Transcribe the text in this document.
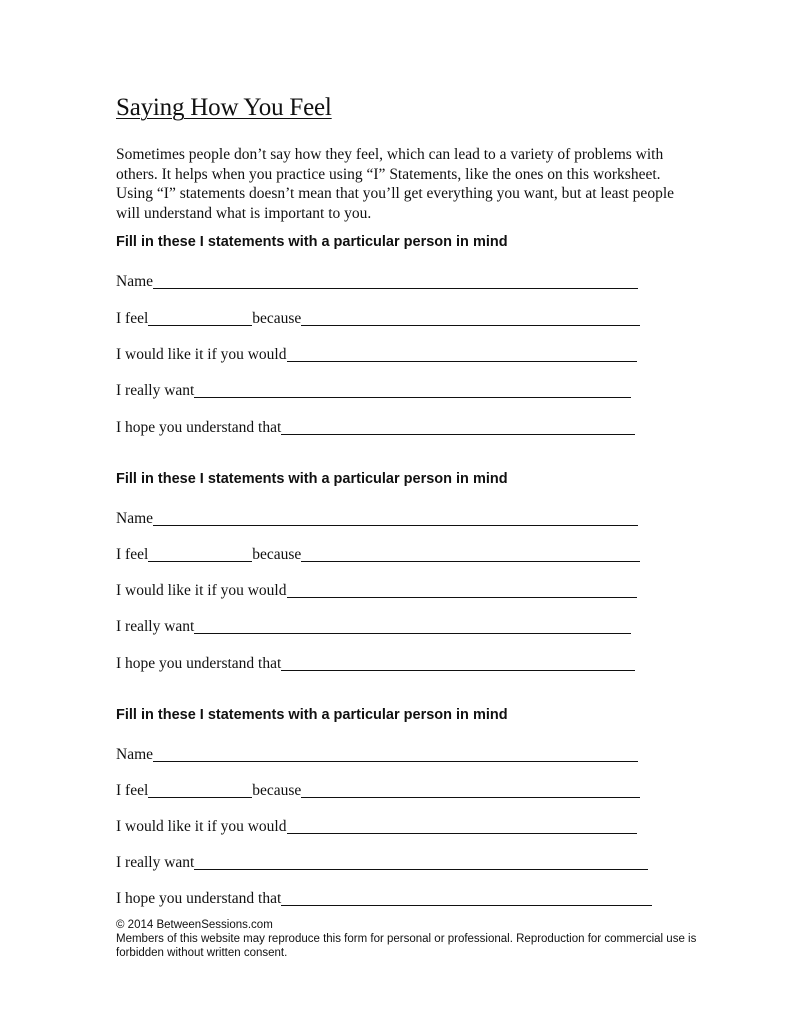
Saying How You Feel

Sometimes people don’t say how they feel, which can lead to a variety of problems with others. It helps when you practice using “I” Statements, like the ones on this worksheet. Using “I” statements doesn’t mean that you’ll get everything you want, but at least people will understand what is important to you.

Fill in these I statements with a particular person in mind
Name
I feel	because
I would like it if you would
I really want
I hope you understand that
Fill in these I statements with a particular person in mind
Name
I feel	because
I would like it if you would
I really want
I hope you understand that
Fill in these I statements with a particular person in mind
Name
I feel	because
I would like it if you would
I really want
I hope you understand that
© 2014 BetweenSessions.com
Members of this website may reproduce this form for personal or professional. Reproduction for commercial use is forbidden without written consent.
